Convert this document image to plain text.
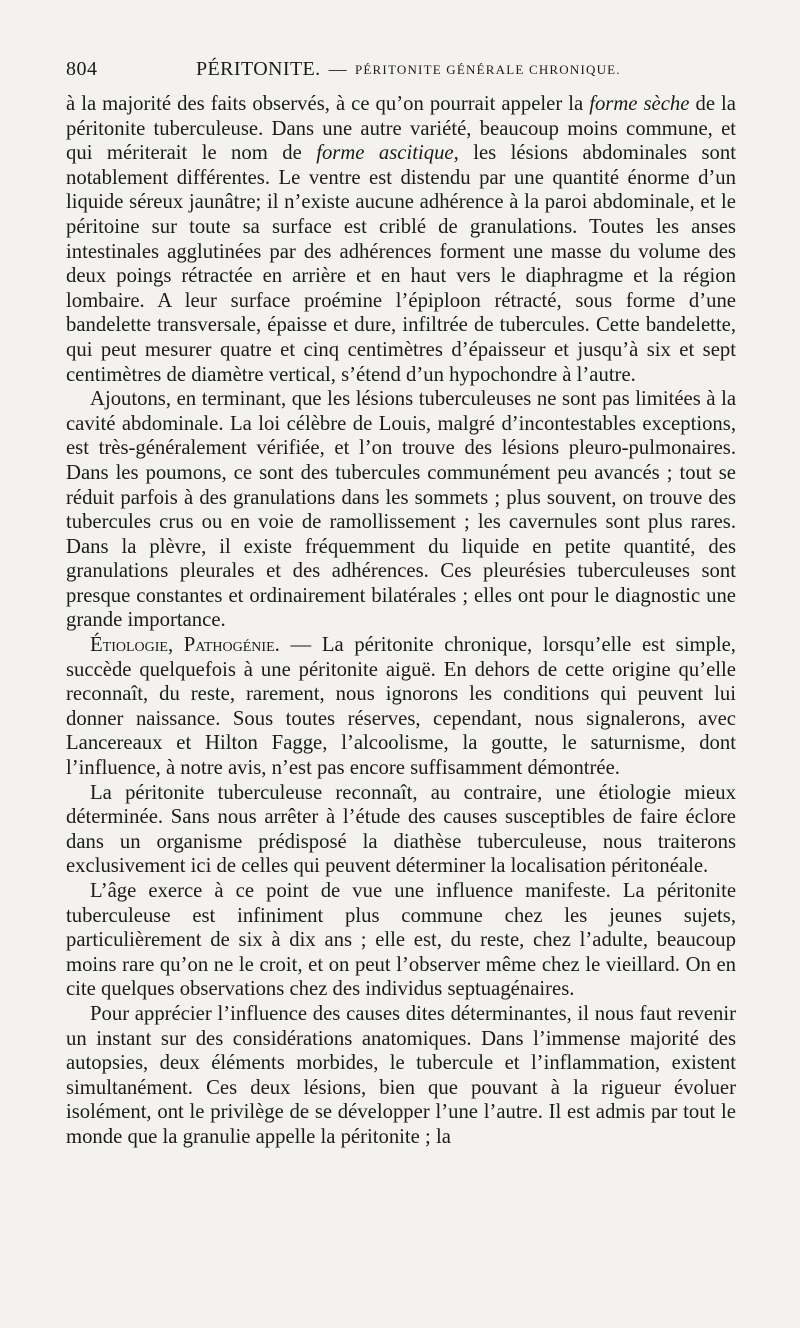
804	PÉRITONITE. — PÉRITONITE GÉNÉRALE CHRONIQUE.

à la majorité des faits observés, à ce qu’on pourrait appeler la forme sèche de la péritonite tuberculeuse. Dans une autre variété, beaucoup moins commune, et qui mériterait le nom de forme ascitique, les lésions abdominales sont notablement différentes. Le ventre est distendu par une quantité énorme d’un liquide séreux jaunâtre; il n’existe aucune adhérence à la paroi abdominale, et le péritoine sur toute sa surface est criblé de granulations. Toutes les anses intestinales agglutinées par des adhérences forment une masse du volume des deux poings rétractée en arrière et en haut vers le diaphragme et la région lombaire. A leur surface proémine l’épiploon rétracté, sous forme d’une bandelette transversale, épaisse et dure, infiltrée de tubercules. Cette bandelette, qui peut mesurer quatre et cinq centimètres d’épaisseur et jusqu’à six et sept centimètres de diamètre vertical, s’étend d’un hypochondre à l’autre.

Ajoutons, en terminant, que les lésions tuberculeuses ne sont pas limitées à la cavité abdominale. La loi célèbre de Louis, malgré d’incontestables exceptions, est très-généralement vérifiée, et l’on trouve des lésions pleuro-pulmonaires. Dans les poumons, ce sont des tubercules communément peu avancés ; tout se réduit parfois à des granulations dans les sommets ; plus souvent, on trouve des tubercules crus ou en voie de ramollissement ; les cavernules sont plus rares. Dans la plèvre, il existe fréquemment du liquide en petite quantité, des granulations pleurales et des adhérences. Ces pleurésies tuberculeuses sont presque constantes et ordinairement bilatérales ; elles ont pour le diagnostic une grande importance.

Étiologie, Pathogénie. — La péritonite chronique, lorsqu’elle est simple, succède quelquefois à une péritonite aiguë. En dehors de cette origine qu’elle reconnaît, du reste, rarement, nous ignorons les conditions qui peuvent lui donner naissance. Sous toutes réserves, cependant, nous signalerons, avec Lancereaux et Hilton Fagge, l’alcoolisme, la goutte, le saturnisme, dont l’influence, à notre avis, n’est pas encore suffisamment démontrée.

La péritonite tuberculeuse reconnaît, au contraire, une étiologie mieux déterminée. Sans nous arrêter à l’étude des causes susceptibles de faire éclore dans un organisme prédisposé la diathèse tuberculeuse, nous traiterons exclusivement ici de celles qui peuvent déterminer la localisation péritonéale.

L’âge exerce à ce point de vue une influence manifeste. La péritonite tuberculeuse est infiniment plus commune chez les jeunes sujets, particulièrement de six à dix ans ; elle est, du reste, chez l’adulte, beaucoup moins rare qu’on ne le croit, et on peut l’observer même chez le vieillard. On en cite quelques observations chez des individus septuagénaires.

Pour apprécier l’influence des causes dites déterminantes, il nous faut revenir un instant sur des considérations anatomiques. Dans l’immense majorité des autopsies, deux éléments morbides, le tubercule et l’inflammation, existent simultanément. Ces deux lésions, bien que pouvant à la rigueur évoluer isolément, ont le privilège de se développer l’une l’autre. Il est admis par tout le monde que la granulie appelle la péritonite ; la
